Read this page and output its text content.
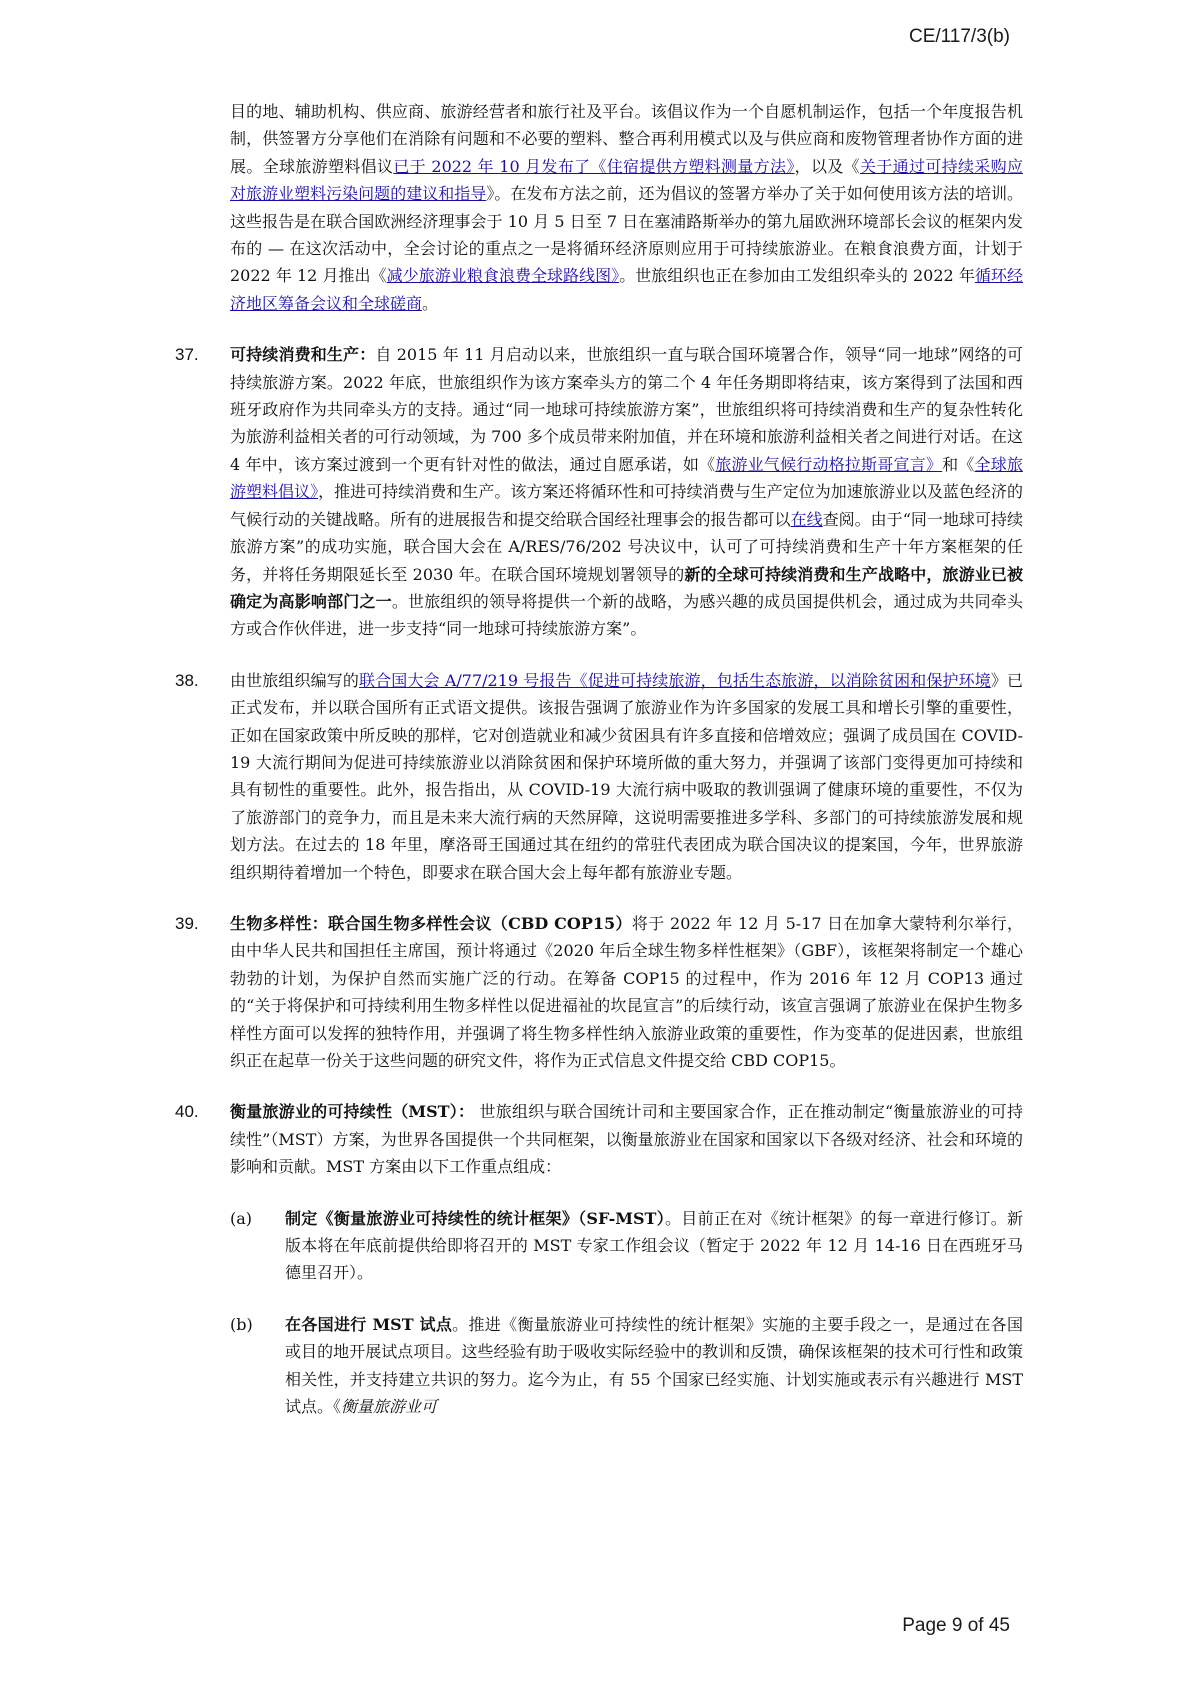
CE/117/3(b)
目的地、辅助机构、供应商、旅游经营者和旅行社及平台。该倡议作为一个自愿机制运作，包括一个年度报告机制，供签署方分享他们在消除有问题和不必要的塑料、整合再利用模式以及与供应商和废物管理者协作方面的进展。全球旅游塑料倡议已于 2022 年 10 月发布了《住宿提供方塑料测量方法》，以及《关于通过可持续采购应对旅游业塑料污染问题的建议和指导》。在发布方法之前，还为倡议的签署方举办了关于如何使用该方法的培训。这些报告是在联合国欧洲经济理事会于 10 月 5 日至 7 日在塞浦路斯举办的第九届欧洲环境部长会议的框架内发布的 — 在这次活动中，全会讨论的重点之一是将循环经济原则应用于可持续旅游业。在粮食浪费方面，计划于 2022 年 12 月推出《减少旅游业粮食浪费全球路线图》。世旅组织也正在参加由工发组织牵头的 2022 年循环经济地区筹备会议和全球磋商。
37. 可持续消费和生产：自 2015 年 11 月启动以来，世旅组织一直与联合国环境署合作，领导“同一地球”网络的可持续旅游方案。2022 年底，世旅组织作为该方案牵头方的第二个 4 年任务期即将结束，该方案得到了法国和西班牙政府作为共同牵头方的支持。通过“同一地球可持续旅游方案”，世旅组织将可持续消费和生产的复杂性转化为旅游利益相关者的可行动领域，为 700 多个成员带来附加值，并在环境和旅游利益相关者之间进行对话。在这 4 年中，该方案过渡到一个更有针对性的做法，通过自愿承诺，如《旅游业气候行动格拉斯哥宣言》和《全球旅游塑料倡议》，推进可持续消费和生产。该方案还将循环性和可持续消费与生产定位为加速旅游业以及蓝色经济的气候行动的关键战略。所有的进展报告和提交给联合国经社理事会的报告都可以在线查阅。由于“同一地球可持续旅游方案”的成功实施，联合国大会在 A/RES/76/202 号决议中，认可了可持续消费和生产十年方案框架的任务，并将任务期限延长至 2030 年。在联合国环境规划署领导的新的全球可持续消费和生产战略中，旅游业已被确定为高影响部门之一。世旅组织的领导将提供一个新的战略，为感兴趣的成员国提供机会，通过成为共同牵头方或合作伙伴进，进一步支持“同一地球可持续旅游方案”。
38. 由世旅组织编写的联合国大会 A/77/219 号报告《促进可持续旅游，包括生态旅游，以消除贫困和保护环境》已正式发布，并以联合国所有正式语文提供。该报告强调了旅游业作为许多国家的发展工具和增长引擎的重要性，正如在国家政策中所反映的那样，它对创造就业和减少贫困具有许多直接和倍增效应；强调了成员国在 COVID-19 大流行期间为促进可持续旅游业以消除贫困和保护环境所做的重大努力，并强调了该部门变得更加可持续和具有韧性的重要性。此外，报告指出，从 COVID-19 大流行病中吸取的教训强调了健康环境的重要性，不仅为了旅游部门的竞争力，而且是未来大流行病的天然屏障，这说明需要推进多学科、多部门的可持续旅游发展和规划方法。在过去的 18 年里，摩洛哥王国通过其在纽约的常驻代表团成为联合国决议的提案国，今年，世界旅游组织期待着增加一个特色，即要求在联合国大会上每年都有旅游业专题。
39. 生物多样性：联合国生物多样性会议（CBD COP15）将于 2022 年 12 月 5-17 日在加拿大蒙特利尔举行，由中华人民共和国担任主席国，预计将通过《2020 年后全球生物多样性框架》（GBF），该框架将制定一个雄心勃勃的计划，为保护自然而实施广泛的行动。在筹备 COP15 的过程中，作为 2016 年 12 月 COP13 通过的“关于将保护和可持续利用生物多样性以促进福祉的坎昆宣言”的后续行动，该宣言强调了旅游业在保护生物多样性方面可以发挥的独特作用，并强调了将生物多样性纳入旅游业政策的重要性，作为变革的促进因素，世旅组织正在起草一份关于这些问题的研究文件，将作为正式信息文件提交给 CBD COP15。
40. 衡量旅游业的可持续性（MST）： 世旅组织与联合国统计司和主要国家合作，正在推动制定“衡量旅游业的可持续性”（MST）方案，为世界各国提供一个共同框架，以衡量旅游业在国家和国家以下各级对经济、社会和环境的影响和贡献。MST 方案由以下工作重点组成：
(a) 制定《衡量旅游业可持续性的统计框架》（SF-MST）。目前正在对《统计框架》的每一章进行修订。新版本将在年底前提供给即将召开的 MST 专家工作组会议（暂定于 2022 年 12 月 14-16 日在西班牙马德里召开）。
(b) 在各国进行 MST 试点。推进《衡量旅游业可持续性的统计框架》实施的主要手段之一，是通过在各国或目的地开展试点项目。这些经验有助于吸收实际经验中的教训和反馈，确保该框架的技术可行性和政策相关性，并支持建立共识的努力。迄今为止，有 55 个国家已经实施、计划实施或表示有兴趣进行 MST 试点。《衡量旅游业可
Page 9 of 45
